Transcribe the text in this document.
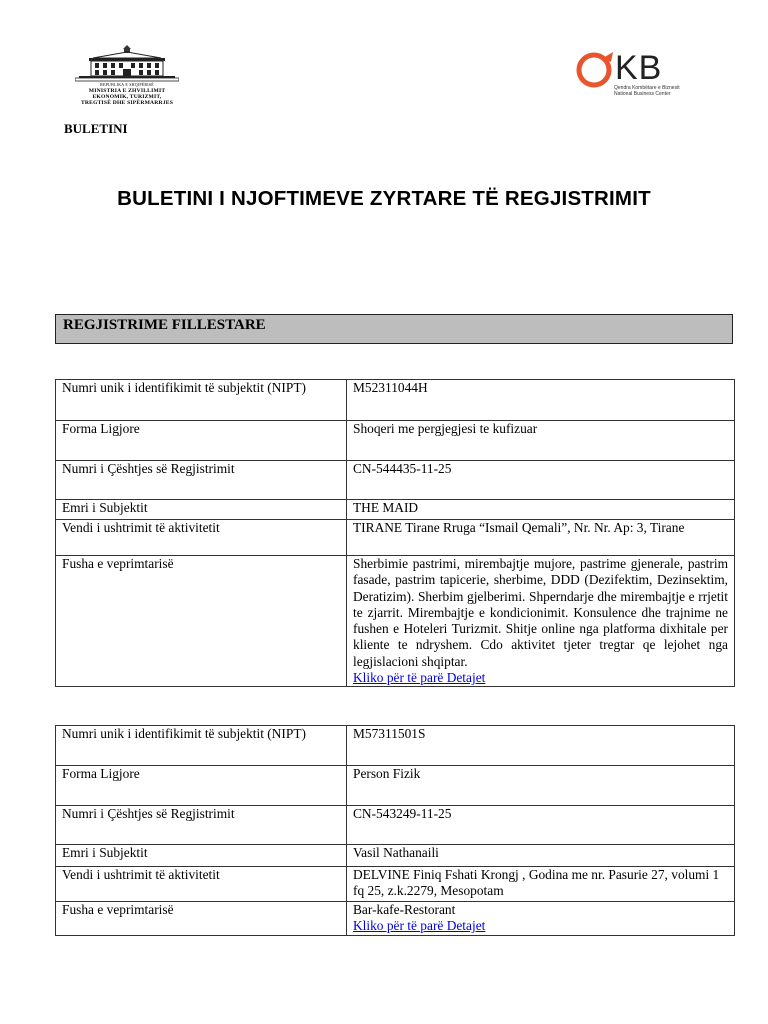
REPUBLIKA E SHQIPËRISË
MINISTRIA E ZHVILLIMIT
EKONOMIK, TURIZMIT,
TREGTISË DHE SIPËRMARRJES
KB
Qendra Kombëtare e Biznesit
National Business Center
BULETINI
BULETINI I NJOFTIMEVE ZYRTARE TË REGJISTRIMIT
REGJISTRIME FILLESTARE
Numri unik i identifikimit të subjektit (NIPT)	M52311044H
Forma Ligjore	Shoqeri me pergjegjesi te kufizuar
Numri i Çështjes së Regjistrimit	CN-544435-11-25
Emri i Subjektit	THE MAID
Vendi i ushtrimit të aktivitetit	TIRANE Tirane Rruga “Ismail Qemali”, Nr. Nr. Ap: 3, Tirane
Fusha e veprimtarisë	Sherbimie pastrimi, mirembajtje mujore, pastrime gjenerale, pastrim fasade, pastrim tapicerie, sherbime, DDD (Dezifektim, Dezinsektim, Deratizim). Sherbim gjelberimi. Shperndarje dhe mirembajtje e rrjetit te zjarrit. Mirembajtje e kondicionimit. Konsulence dhe trajnime ne fushen e Hoteleri Turizmit. Shitje online nga platforma dixhitale per kliente te ndryshem. Cdo aktivitet tjeter tregtar qe lejohet nga legjislacioni shqiptar.
Kliko për të parë Detajet
Numri unik i identifikimit të subjektit (NIPT)	M57311501S
Forma Ligjore	Person Fizik
Numri i Çështjes së Regjistrimit	CN-543249-11-25
Emri i Subjektit	Vasil Nathanaili
Vendi i ushtrimit të aktivitetit	DELVINE Finiq Fshati Krongj , Godina me nr. Pasurie 27, volumi 1 fq 25, z.k.2279, Mesopotam
Fusha e veprimtarisë	Bar-kafe-Restorant
Kliko për të parë Detajet
